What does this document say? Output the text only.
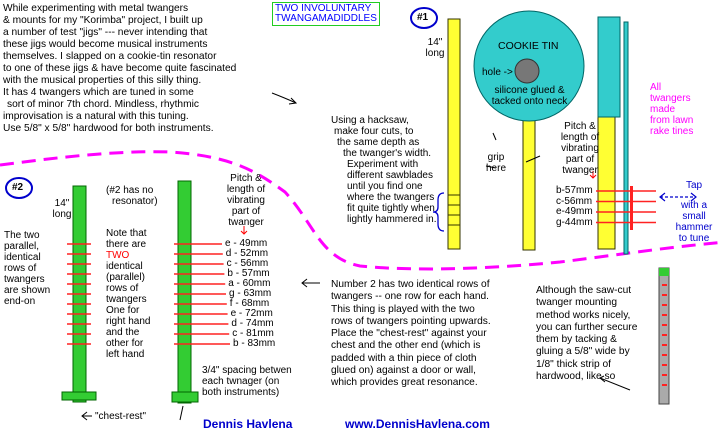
While experimenting with metal twangers
& mounts for my "Korimba" project, I built up
a number of test "jigs" --- never intending that
these jigs would become musical instruments
themselves. I slapped on a cookie-tin resonator
to one of these jigs & have become quite fascinated
with the musical properties of this silly thing.
It has 4 twangers which are tuned in some
sort of minor 7th chord. Mindless, rhythmic
improvisation is a natural with this tuning.
Use 5/8" x 5/8" hardwood for both instruments.
TWO INVOLUNTARY
TWANGAMADIDDLES	#1
14"
long
COOKIE TIN
hole ->
silicone glued &
tacked onto neck
grip
here
Pitch &
length of
vibrating
part of
twanger
b-57mm
c-56mm
e-49mm
g-44mm
All
twangers
made
from lawn
rake tines
Tap
with a
small
hammer
to tune
Using a hacksaw,
make four cuts, to
the same depth as
the twanger's width.
Experiment with
different sawblades
until you find one
where the twangers
fit quite tightly when
lightly hammered in.
#2	(#2 has no
resonator)
14"
long
The two
parallel,
identical
rows of
twangers
are shown
end-on
Note that
there are
TWO
identical
(parallel)
rows of
twangers
One for
right hand
and the
other for
left hand
Pitch &
length of
vibrating
part of
twanger
e - 49mm
d - 52mm
c - 56mm
b - 57mm
a - 60mm
g - 63mm
f - 68mm
e - 72mm
d - 74mm
c - 81mm
b - 83mm
3/4" spacing betwen
each twnager (on
both instruments)
"chest-rest"
Number 2 has two identical rows of
twangers -- one row for each hand.
This thing is played with the two
rows of twangers pointing upwards.
Place the "chest-rest" against your
chest and the other end (which is
padded with a thin piece of cloth
glued on) against a door or wall,
which provides great resonance.
Although the saw-cut
twanger mounting
method works nicely,
you can further secure
them by tacking &
gluing a 5/8" wide by
1/8" thick strip of
hardwood, like so
Dennis Havlena	www.DennisHavlena.com
